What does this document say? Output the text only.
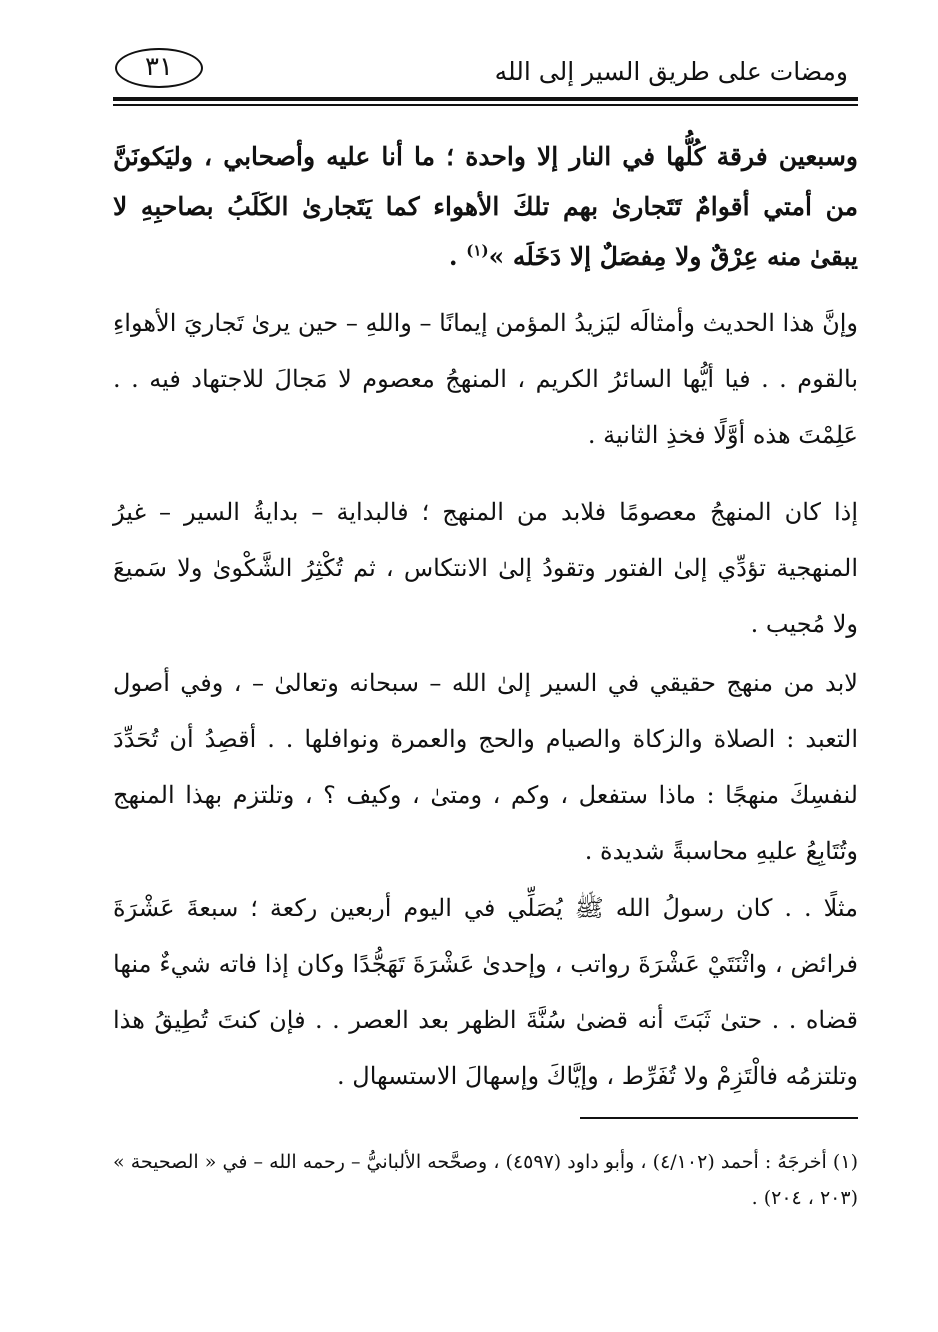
ومضات على طريق السير إلى الله
٣١
وسبعين فرقة كُلُّها في النار إلا واحدة ؛ ما أنا عليه وأصحابي ، وليَكونَنَّ من أمتي أقوامٌ تَتَجارىٰ بهم تلكَ الأهواء كما يَتَجارىٰ الكَلَبُ بصاحبِهِ لا يبقىٰ منه عِرْقٌ ولا مِفصَلٌ إلا دَخَلَه »$^{(١)}$ .
وإنَّ هذا الحديث وأمثالَه ليَزيدُ المؤمن إيمانًا – واللهِ – حين يرىٰ تَجاريَ الأهواءِ بالقوم . . فيا أيُّها السائرُ الكريم ، المنهجُ معصوم لا مَجالَ للاجتهاد فيه . . عَلِمْتَ هذه أوَّلًا فخذِ الثانية .
إذا كان المنهجُ معصومًا فلابد من المنهج ؛ فالبداية – بدايةُ السير – غيرُ المنهجية تؤدِّي إلىٰ الفتور وتقودُ إلىٰ الانتكاس ، ثم تُكْثِرُ الشَّكْوىٰ ولا سَميعَ ولا مُجيب .
لابد من منهج حقيقي في السير إلىٰ الله – سبحانه وتعالىٰ – ، وفي أصول التعبد : الصلاة والزكاة والصيام والحج والعمرة ونوافلها . . أقصِدُ أن تُحَدِّدَ لنفسِكَ منهجًا : ماذا ستفعل ، وكم ، ومتىٰ ، وكيف ؟ ، وتلتزم بهذا المنهج وتُتَابِعُ عليهِ محاسبةً شديدة .
مثلًا . . كان رسولُ الله ﷺ يُصَلِّي في اليوم أربعين ركعة ؛ سبعةَ عَشْرَةَ فرائض ، واثْنَتَيْ عَشْرَةَ رواتب ، وإحدىٰ عَشْرَةَ تَهَجُّدًا وكان إذا فاته شيءٌ منها قضاه . . حتىٰ ثَبَتَ أنه قضىٰ سُنَّةَ الظهر بعد العصر . . فإن كنتَ تُطِيقُ هذا وتلتزمُه فالْتَزِمْ ولا تُفَرِّط ، وإيَّاكَ وإسهالَ الاستسهال .
(١) أخرجَهُ : أحمد (٤/١٠٢) ، وأبو داود (٤٥٩٧) ، وصحَّحه الألبانيُّ – رحمه الله – في « الصحيحة » (٢٠٣ ، ٢٠٤) .
